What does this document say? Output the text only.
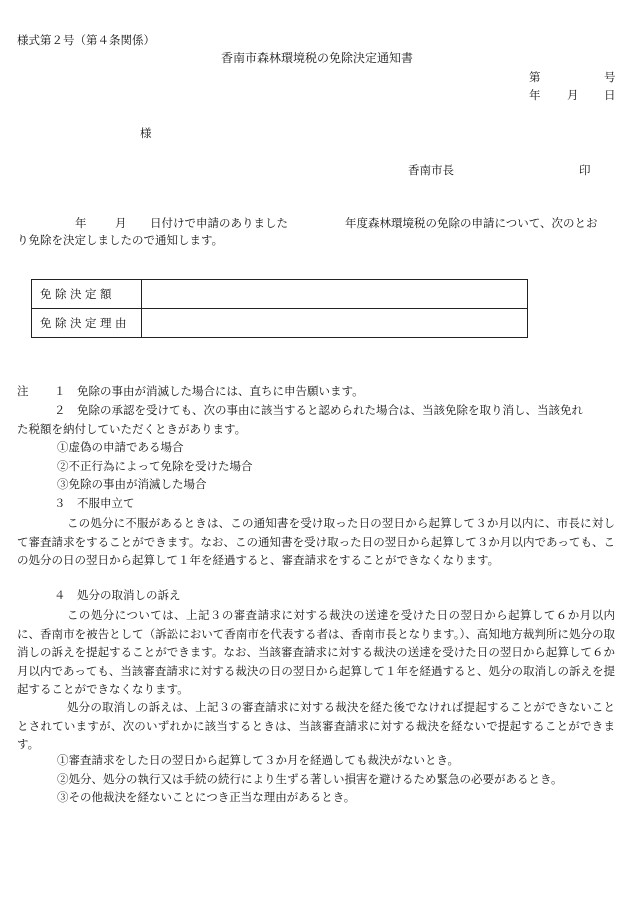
様式第２号（第４条関係）
香南市森林環境税の免除決定通知書
第	号
年 月 日
様
香南市長	印
年 月 日付けで申請のありました	年度森林環境税の免除の申請について、次のとお
り免除を決定しましたので通知します。
免除決定額	
免除決定理由	
注 １ 免除の事由が消滅した場合には、直ちに申告願います。
２ 免除の承認を受けても、次の事由に該当すると認められた場合は、当該免除を取り消し、当該免れ
た税額を納付していただくときがあります。
①虚偽の申請である場合
②不正行為によって免除を受けた場合
③免除の事由が消滅した場合
３ 不服申立て
この処分に不服があるときは、この通知書を受け取った日の翌日から起算して３か月以内に、市長に対して審査請求をすることができます。なお、この通知書を受け取った日の翌日から起算して３か月以内であっても、この処分の日の翌日から起算して１年を経過すると、審査請求をすることができなくなります。
４ 処分の取消しの訴え
この処分については、上記３の審査請求に対する裁決の送達を受けた日の翌日から起算して６か月以内に、香南市を被告として（訴訟において香南市を代表する者は、香南市長となります。）、高知地方裁判所に処分の取消しの訴えを提起することができます。なお、当該審査請求に対する裁決の送達を受けた日の翌日から起算して６か月以内であっても、当該審査請求に対する裁決の日の翌日から起算して１年を経過すると、処分の取消しの訴えを提起することができなくなります。
処分の取消しの訴えは、上記３の審査請求に対する裁決を経た後でなければ提起することができないこととされていますが、次のいずれかに該当するときは、当該審査請求に対する裁決を経ないで提起することができます。
①審査請求をした日の翌日から起算して３か月を経過しても裁決がないとき。
②処分、処分の執行又は手続の続行により生ずる著しい損害を避けるため緊急の必要があるとき。
③その他裁決を経ないことにつき正当な理由があるとき。
